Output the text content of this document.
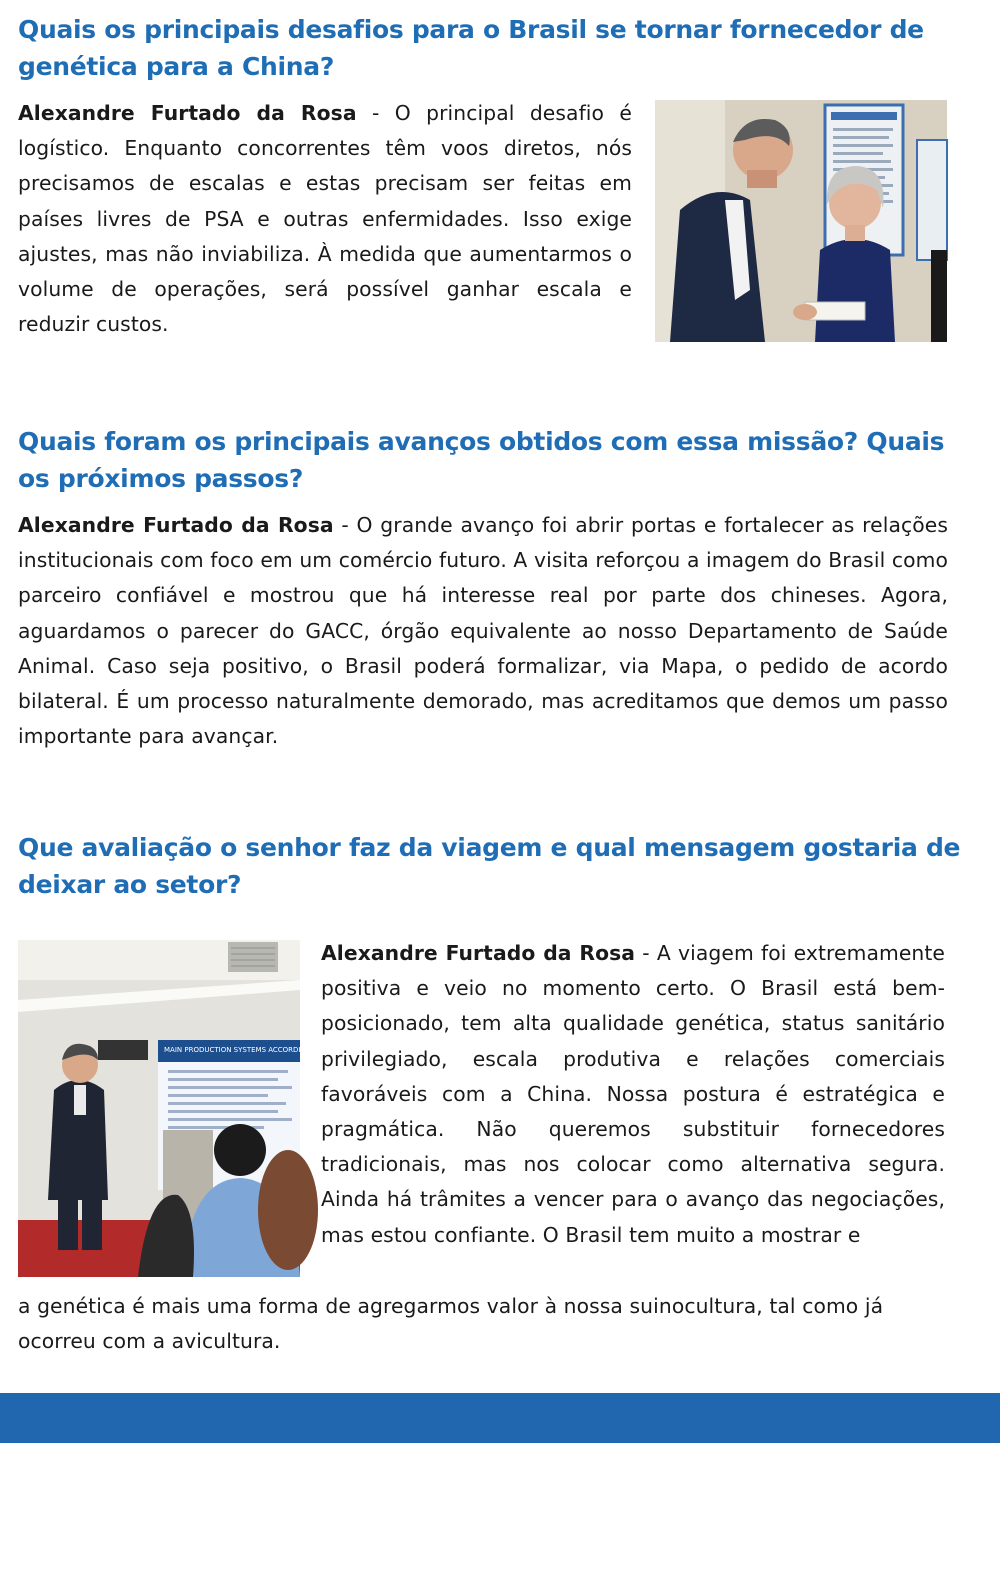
Quais os principais desafios para o Brasil se tornar fornecedor de genética para a China?

Alexandre Furtado da Rosa - O principal desafio é logístico. Enquanto concorrentes têm voos diretos, nós precisamos de escalas e estas precisam ser feitas em países livres de PSA e outras enfermidades. Isso exige ajustes, mas não inviabiliza. À medida que aumentarmos o volume de operações, será possível ganhar escala e reduzir custos.

Quais foram os principais avanços obtidos com essa missão? Quais os próximos passos?

Alexandre Furtado da Rosa - O grande avanço foi abrir portas e fortalecer as relações institucionais com foco em um comércio futuro. A visita reforçou a imagem do Brasil como parceiro confiável e mostrou que há interesse real por parte dos chineses. Agora, aguardamos o parecer do GACC, órgão equivalente ao nosso Departamento de Saúde Animal. Caso seja positivo, o Brasil poderá formalizar, via Mapa, o pedido de acordo bilateral. É um processo naturalmente demorado, mas acreditamos que demos um passo importante para avançar.

Que avaliação o senhor faz da viagem e qual mensagem gostaria de deixar ao setor?
MAIN PRODUCTION SYSTEMS ACCORDING TO REPLACEMENT

Alexandre Furtado da Rosa - A viagem foi extremamente positiva e veio no momento certo. O Brasil está bem-posicionado, tem alta qualidade genética, status sanitário privilegiado, escala produtiva e relações comerciais favoráveis com a China. Nossa postura é estratégica e pragmática. Não queremos substituir fornecedores tradicionais, mas nos colocar como alternativa segura. Ainda há trâmites a vencer para o avanço das negociações, mas estou confiante. O Brasil tem muito a mostrar e

a genética é mais uma forma de agregarmos valor à nossa suinocultura, tal como já ocorreu com a avicultura.
